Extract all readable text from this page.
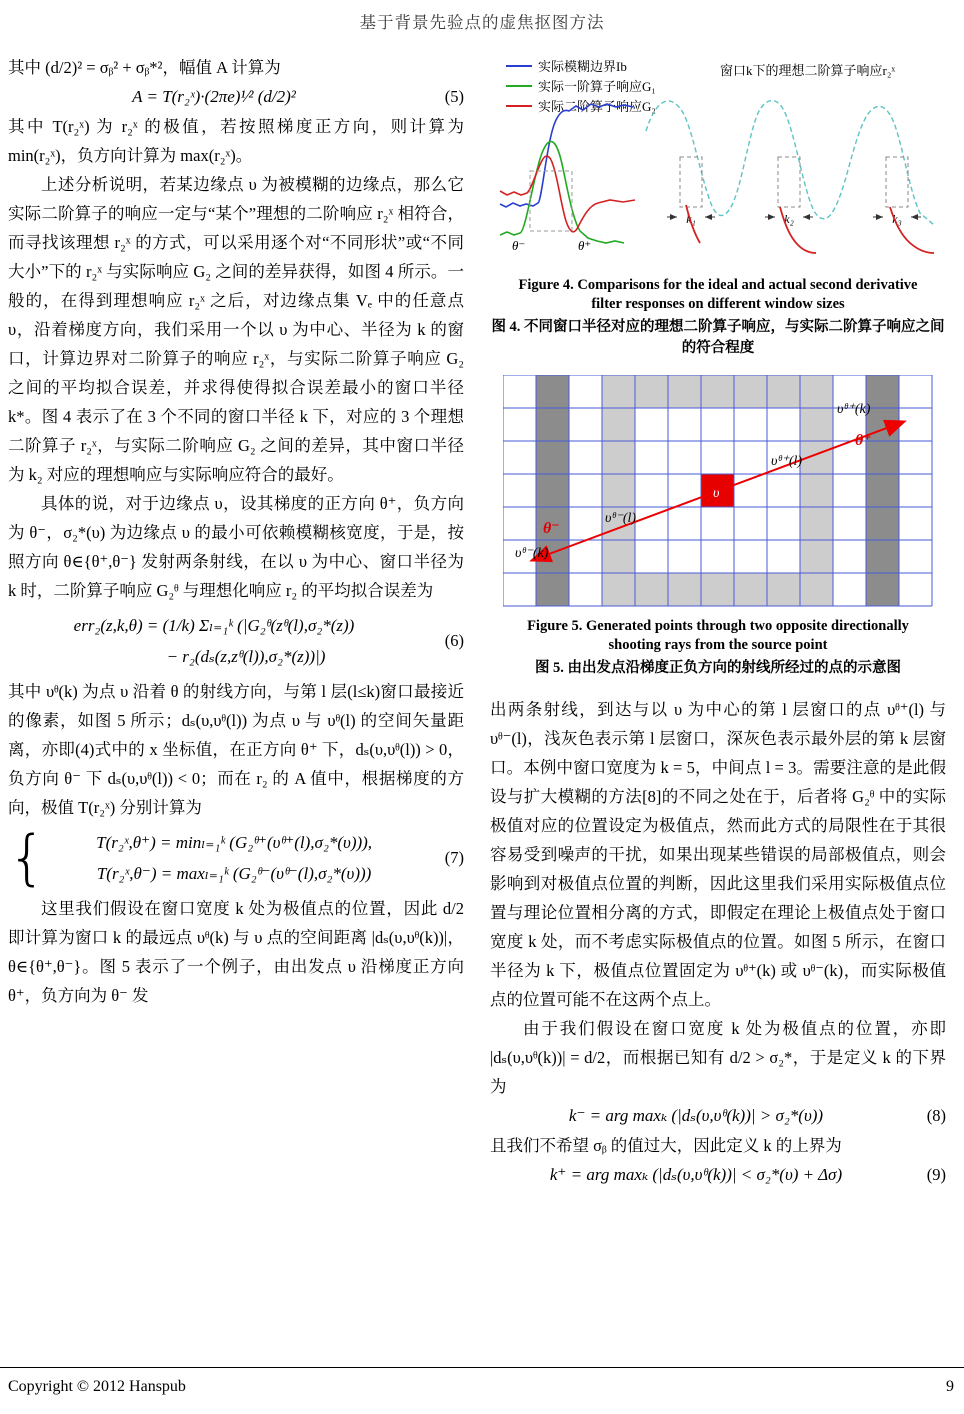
基于背景先验点的虚焦抠图方法

其中 (d/2)² = σᵦ² + σᵦ*²，幅值 A 计算为

A = T(r₂ˣ)·(2πe)¹⁄² (d/2)²	(5)

其中 T(r₂ˣ) 为 r₂ˣ 的极值，若按照梯度正方向，则计算为 min(r₂ˣ)，负方向计算为 max(r₂ˣ)。

上述分析说明，若某边缘点 υ 为被模糊的边缘点，那么它实际二阶算子的响应一定与“某个”理想的二阶响应 r₂ˣ 相符合，而寻找该理想 r₂ˣ 的方式，可以采用逐个对“不同形状”或“不同大小”下的 r₂ˣ 与实际响应 G₂ 之间的差异获得，如图 4 所示。一般的，在得到理想响应 r₂ˣ 之后，对边缘点集 Vₑ 中的任意点 υ，沿着梯度方向，我们采用一个以 υ 为中心、半径为 k 的窗口，计算边界对二阶算子的响应 r₂ˣ，与实际二阶算子响应 G₂ 之间的平均拟合误差，并求得使得拟合误差最小的窗口半径 k*。图 4 表示了在 3 个不同的窗口半径 k 下，对应的 3 个理想二阶算子 r₂ˣ，与实际二阶响应 G₂ 之间的差异，其中窗口半径为 k₂ 对应的理想响应与实际响应符合的最好。

具体的说，对于边缘点 υ，设其梯度的正方向 θ⁺，负方向为 θ⁻，σ₂*(υ) 为边缘点 υ 的最小可依赖模糊核宽度，于是，按照方向 θ∈{θ⁺,θ⁻} 发射两条射线，在以 υ 为中心、窗口半径为 k 时，二阶算子响应 G₂ᶿ 与理想化响应 r₂ 的平均拟合误差为

err₂(z,k,θ) = (1/k) Σₗ₌₁ᵏ (|G₂ᶿ(zᶿ(l),σ₂*(z))
− r₂(dₛ(z,zᶿ(l)),σ₂*(z))|)
(6)

其中 υᶿ(k) 为点 υ 沿着 θ 的射线方向，与第 l 层(l≤k)窗口最接近的像素，如图 5 所示；dₛ(υ,υᶿ(l)) 为点 υ 与 υᶿ(l) 的空间矢量距离，亦即(4)式中的 x 坐标值，在正方向 θ⁺ 下，dₛ(υ,υᶿ(l)) > 0，负方向 θ⁻ 下 dₛ(υ,υᶿ(l)) < 0；而在 r₂ 的 A 值中，根据梯度的方向，极值 T(r₂ˣ) 分别计算为

{	T(r₂ˣ,θ⁺) = minₗ₌₁ᵏ (G₂ᶿ⁺(υᶿ⁺(l),σ₂*(υ))),
T(r₂ˣ,θ⁻) = maxₗ₌₁ᵏ (G₂ᶿ⁻(υᶿ⁻(l),σ₂*(υ)))
(7)

这里我们假设在窗口宽度 k 处为极值点的位置，因此 d/2 即计算为窗口 k 的最远点 υᶿ(k) 与 υ 点的空间距离 |dₛ(υ,υᶿ(k))|，θ∈{θ⁺,θ⁻}。图 5 表示了一个例子，由出发点 υ 沿梯度正方向 θ⁺，负方向为 θ⁻ 发

实际模糊边界Ib
实际一阶算子响应G₁
实际二阶算子响应G₂
窗口k下的理想二阶算子响应r₂ˣ
θ⁻	θ⁺
k₁	k₂	k₃
Figure 4. Comparisons for the ideal and actual second derivative filter responses on different window sizes
图 4. 不同窗口半径对应的理想二阶算子响应，与实际二阶算子响应之间的符合程度
υᶿ⁺(k)
θ⁺
υᶿ⁺(l)
υᶿ⁻(l)
θ⁻
υᶿ⁻(k)
υ
Figure 5. Generated points through two opposite directionally shooting rays from the source point
图 5. 由出发点沿梯度正负方向的射线所经过的点的示意图

出两条射线，到达与以 υ 为中心的第 l 层窗口的点 υᶿ⁺(l) 与 υᶿ⁻(l)，浅灰色表示第 l 层窗口，深灰色表示最外层的第 k 层窗口。本例中窗口宽度为 k = 5，中间点 l = 3。需要注意的是此假设与扩大模糊的方法[8]的不同之处在于，后者将 G₂ᶿ 中的实际极值对应的位置设定为极值点，然而此方式的局限性在于其很容易受到噪声的干扰，如果出现某些错误的局部极值点，则会影响到对极值点位置的判断，因此这里我们采用实际极值点位置与理论位置相分离的方式，即假定在理论上极值点处于窗口宽度 k 处，而不考虑实际极值点的位置。如图 5 所示，在窗口半径为 k 下，极值点位置固定为 υᶿ⁺(k) 或 υᶿ⁻(k)，而实际极值点的位置可能不在这两个点上。

由于我们假设在窗口宽度 k 处为极值点的位置，亦即 |dₛ(υ,υᶿ(k))| = d/2，而根据已知有 d/2 > σ₂*，于是定义 k 的下界为

k⁻ = arg maxₖ (|dₛ(υ,υᶿ(k))| > σ₂*(υ))	(8)

且我们不希望 σᵦ 的值过大，因此定义 k 的上界为

k⁺ = arg maxₖ (|dₛ(υ,υᶿ(k))| < σ₂*(υ) + Δσ)	(9)
Copyright © 2012 Hanspub	9
